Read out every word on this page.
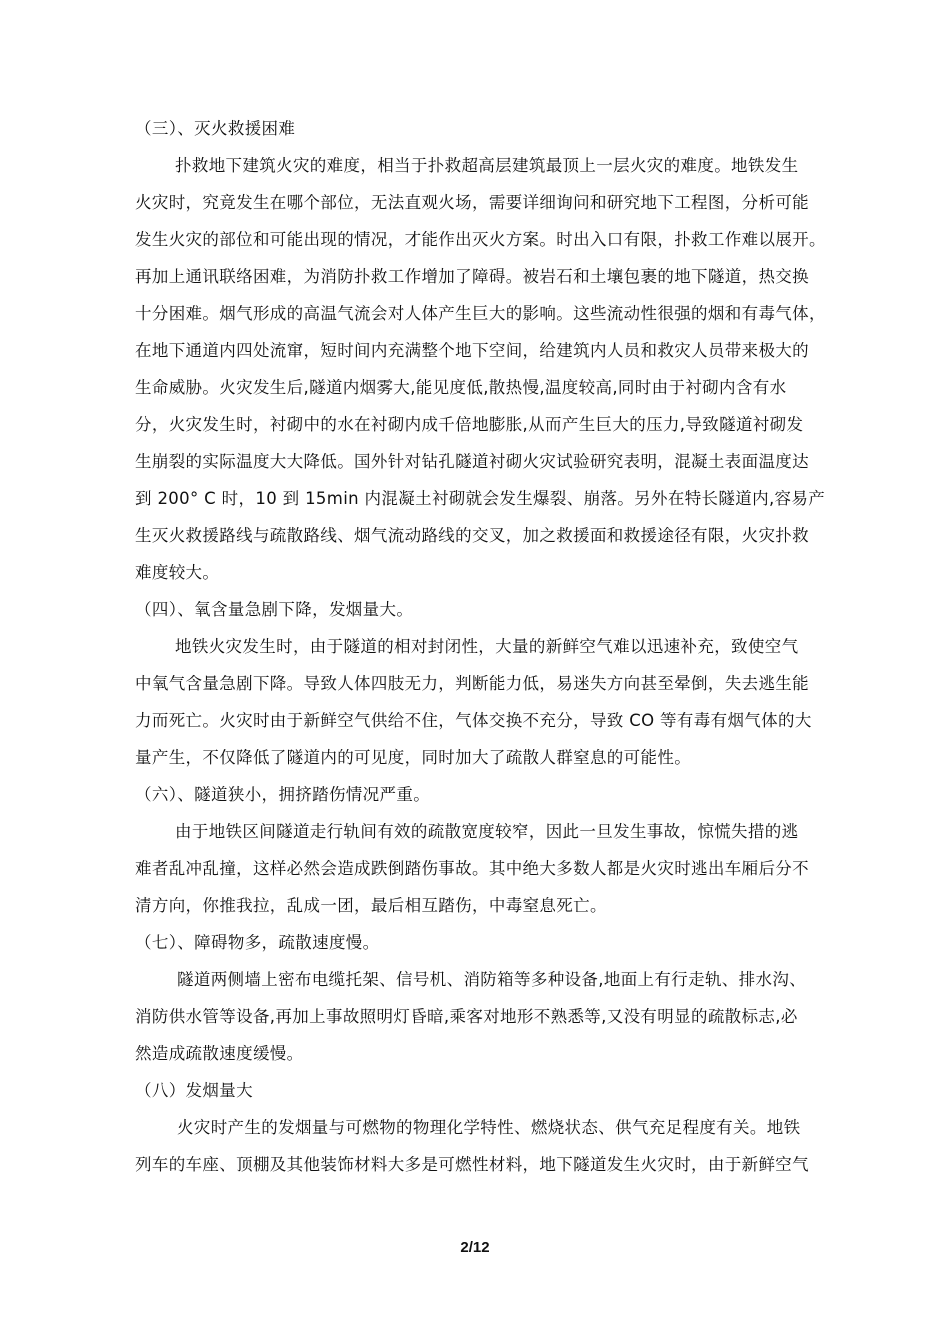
（三）、灭火救援困难
扑救地下建筑火灾的难度，相当于扑救超高层建筑最顶上一层火灾的难度。地铁发生
火灾时，究竟发生在哪个部位，无法直观火场，需要详细询问和研究地下工程图，分析可能
发生火灾的部位和可能出现的情况，才能作出灭火方案。时出入口有限，扑救工作难以展开。
再加上通讯联络困难，为消防扑救工作增加了障碍。被岩石和土壤包裹的地下隧道，热交换
十分困难。烟气形成的高温气流会对人体产生巨大的影响。这些流动性很强的烟和有毒气体，
在地下通道内四处流窜，短时间内充满整个地下空间，给建筑内人员和救灾人员带来极大的
生命威胁。火灾发生后,隧道内烟雾大,能见度低,散热慢,温度较高,同时由于衬砌内含有水
分，火灾发生时，衬砌中的水在衬砌内成千倍地膨胀,从而产生巨大的压力,导致隧道衬砌发
生崩裂的实际温度大大降低。国外针对钻孔隧道衬砌火灾试验研究表明，混凝土表面温度达
到 200° C 时，10 到 15min 内混凝土衬砌就会发生爆裂、崩落。另外在特长隧道内,容易产
生灭火救援路线与疏散路线、烟气流动路线的交叉，加之救援面和救援途径有限，火灾扑救
难度较大。
（四）、氧含量急剧下降，发烟量大。
地铁火灾发生时，由于隧道的相对封闭性，大量的新鲜空气难以迅速补充，致使空气
中氧气含量急剧下降。导致人体四肢无力，判断能力低，易迷失方向甚至晕倒，失去逃生能
力而死亡。火灾时由于新鲜空气供给不住，气体交换不充分，导致 CO 等有毒有烟气体的大
量产生，不仅降低了隧道内的可见度，同时加大了疏散人群窒息的可能性。
（六）、隧道狭小，拥挤踏伤情况严重。
由于地铁区间隧道走行轨间有效的疏散宽度较窄，因此一旦发生事故，惊慌失措的逃
难者乱冲乱撞，这样必然会造成跌倒踏伤事故。其中绝大多数人都是火灾时逃出车厢后分不
清方向，你推我拉，乱成一团，最后相互踏伤，中毒窒息死亡。
（七）、障碍物多，疏散速度慢。
隧道两侧墙上密布电缆托架、信号机、消防箱等多种设备,地面上有行走轨、排水沟、
消防供水管等设备,再加上事故照明灯昏暗,乘客对地形不熟悉等,又没有明显的疏散标志,必
然造成疏散速度缓慢。
（八）发烟量大
火灾时产生的发烟量与可燃物的物理化学特性、燃烧状态、供气充足程度有关。地铁
列车的车座、顶棚及其他装饰材料大多是可燃性材料，地下隧道发生火灾时，由于新鲜空气
2/12
